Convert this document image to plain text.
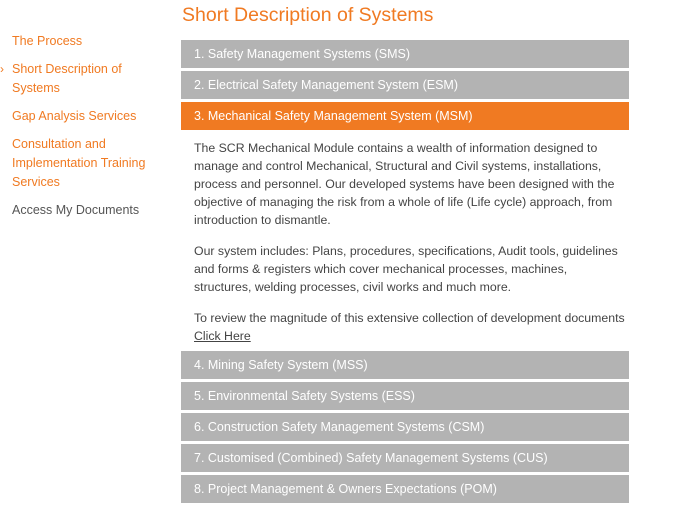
The Process
› Short Description of
Systems
Gap Analysis Services
Consultation and
Implementation Training
Services
Access My Documents
Short Description of Systems
1. Safety Management Systems (SMS)
2. Electrical Safety Management System (ESM)
3. Mechanical Safety Management System (MSM)

The SCR Mechanical Module contains a wealth of information designed to manage and control Mechanical, Structural and Civil systems, installations, process and personnel. Our developed systems have been designed with the objective of managing the risk from a whole of life (Life cycle) approach, from introduction to dismantle.

Our system includes: Plans, procedures, specifications, Audit tools, guidelines and forms & registers which cover mechanical processes, machines, structures, welding processes, civil works and much more.

To review the magnitude of this extensive collection of development documents
Click Here

4. Mining Safety System (MSS)
5. Environmental Safety Systems (ESS)
6. Construction Safety Management Systems (CSM)
7. Customised (Combined) Safety Management Systems (CUS)
8. Project Management & Owners Expectations (POM)
